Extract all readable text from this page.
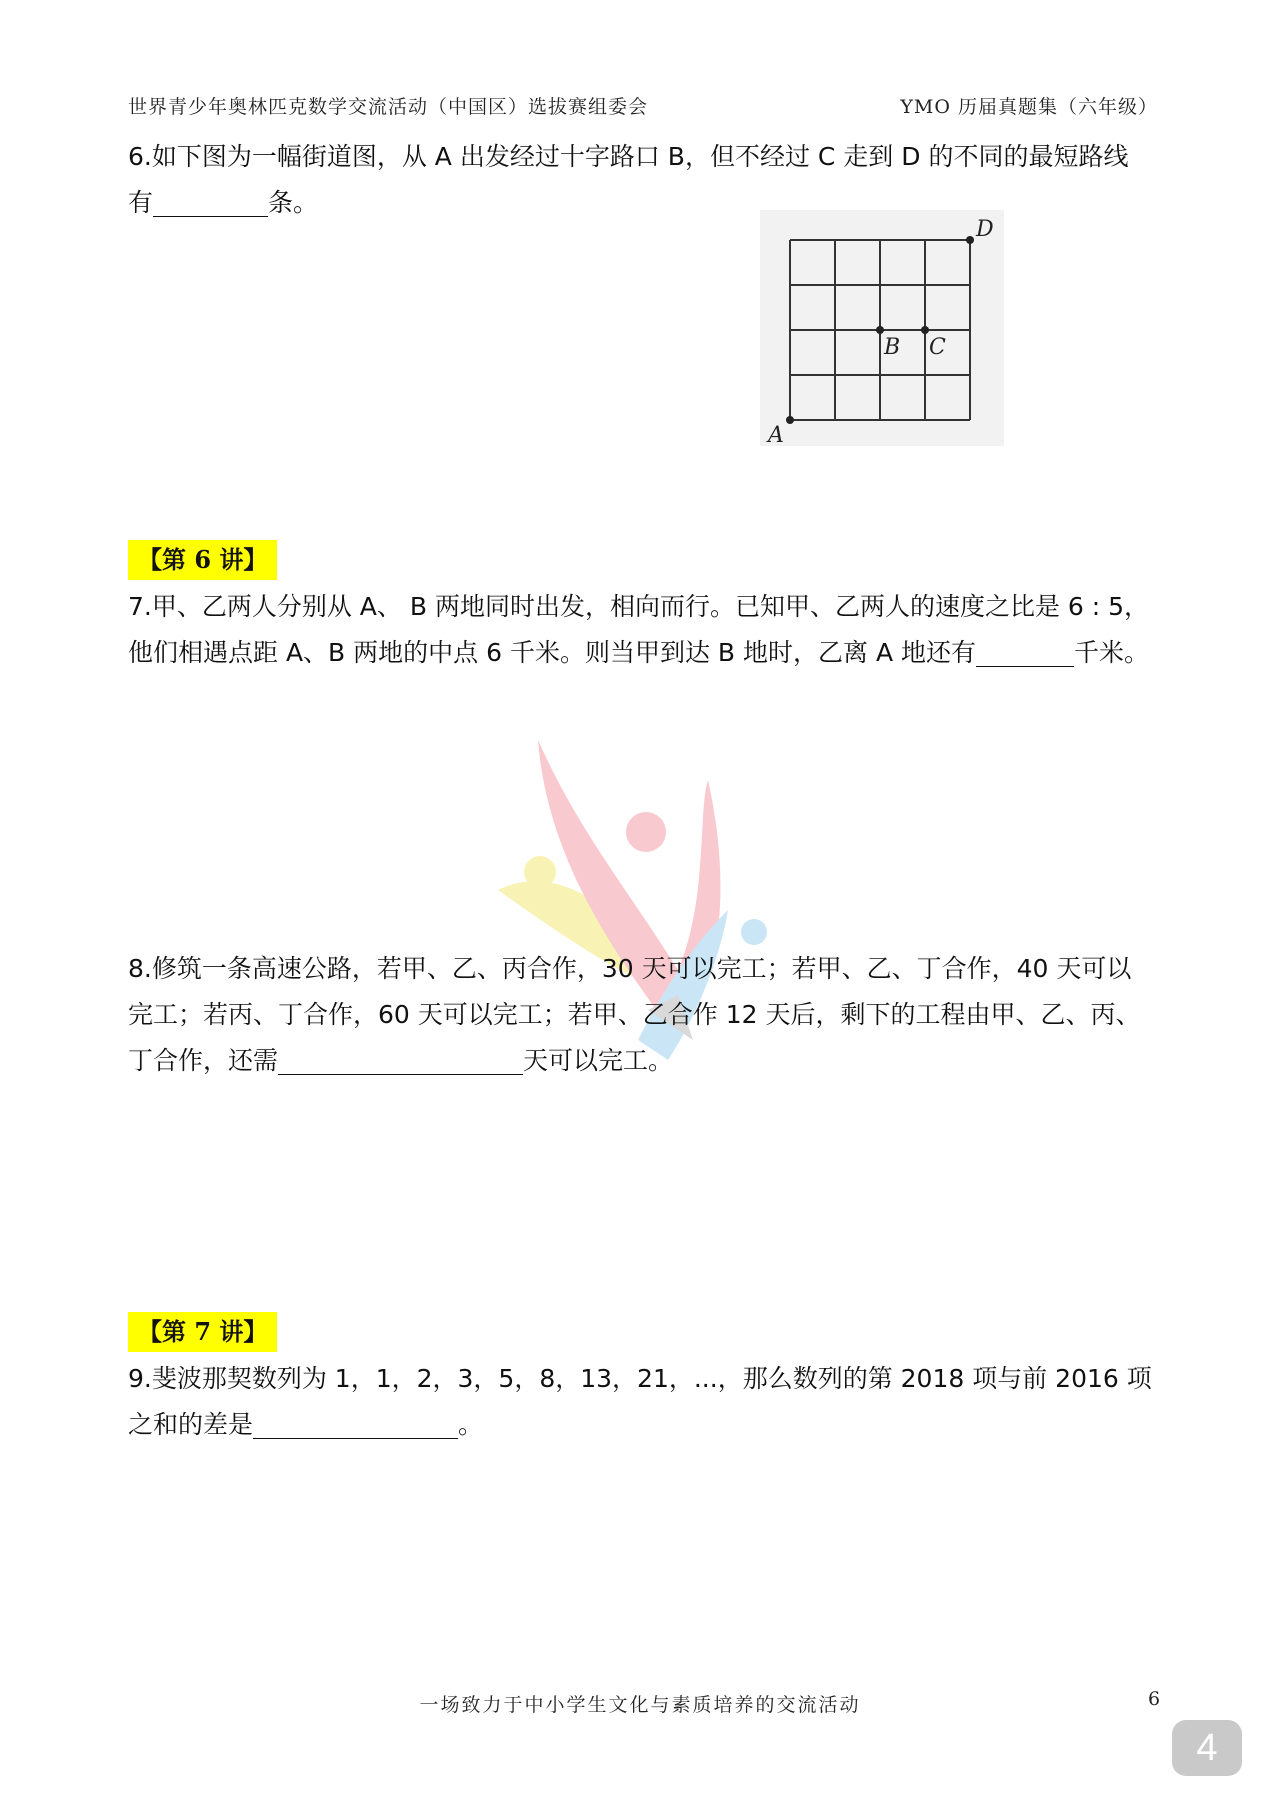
世界青少年奥林匹克数学交流活动（中国区）选拔赛组委会	YMO 历届真题集（六年级）
6.如下图为一幅街道图，从 A 出发经过十字路口 B，但不经过 C 走到 D 的不同的最短路线
有	条。
A
D
B C
【第 6 讲】
7.甲、乙两人分别从 A、 B 两地同时出发，相向而行。已知甲、乙两人的速度之比是 6 : 5，
他们相遇点距 A、B 两地的中点 6 千米。则当甲到达 B 地时，乙离 A 地还有	千米。
8.修筑一条高速公路，若甲、乙、丙合作，30 天可以完工；若甲、乙、丁合作，40 天可以
完工；若丙、丁合作，60 天可以完工；若甲、乙合作 12 天后，剩下的工程由甲、乙、丙、
丁合作，还需	天可以完工。
【第 7 讲】
9.斐波那契数列为 1，1，2，3，5，8，13，21，...，那么数列的第 2018 项与前 2016 项
之和的差是	。
一场致力于中小学生文化与素质培养的交流活动	6
4
